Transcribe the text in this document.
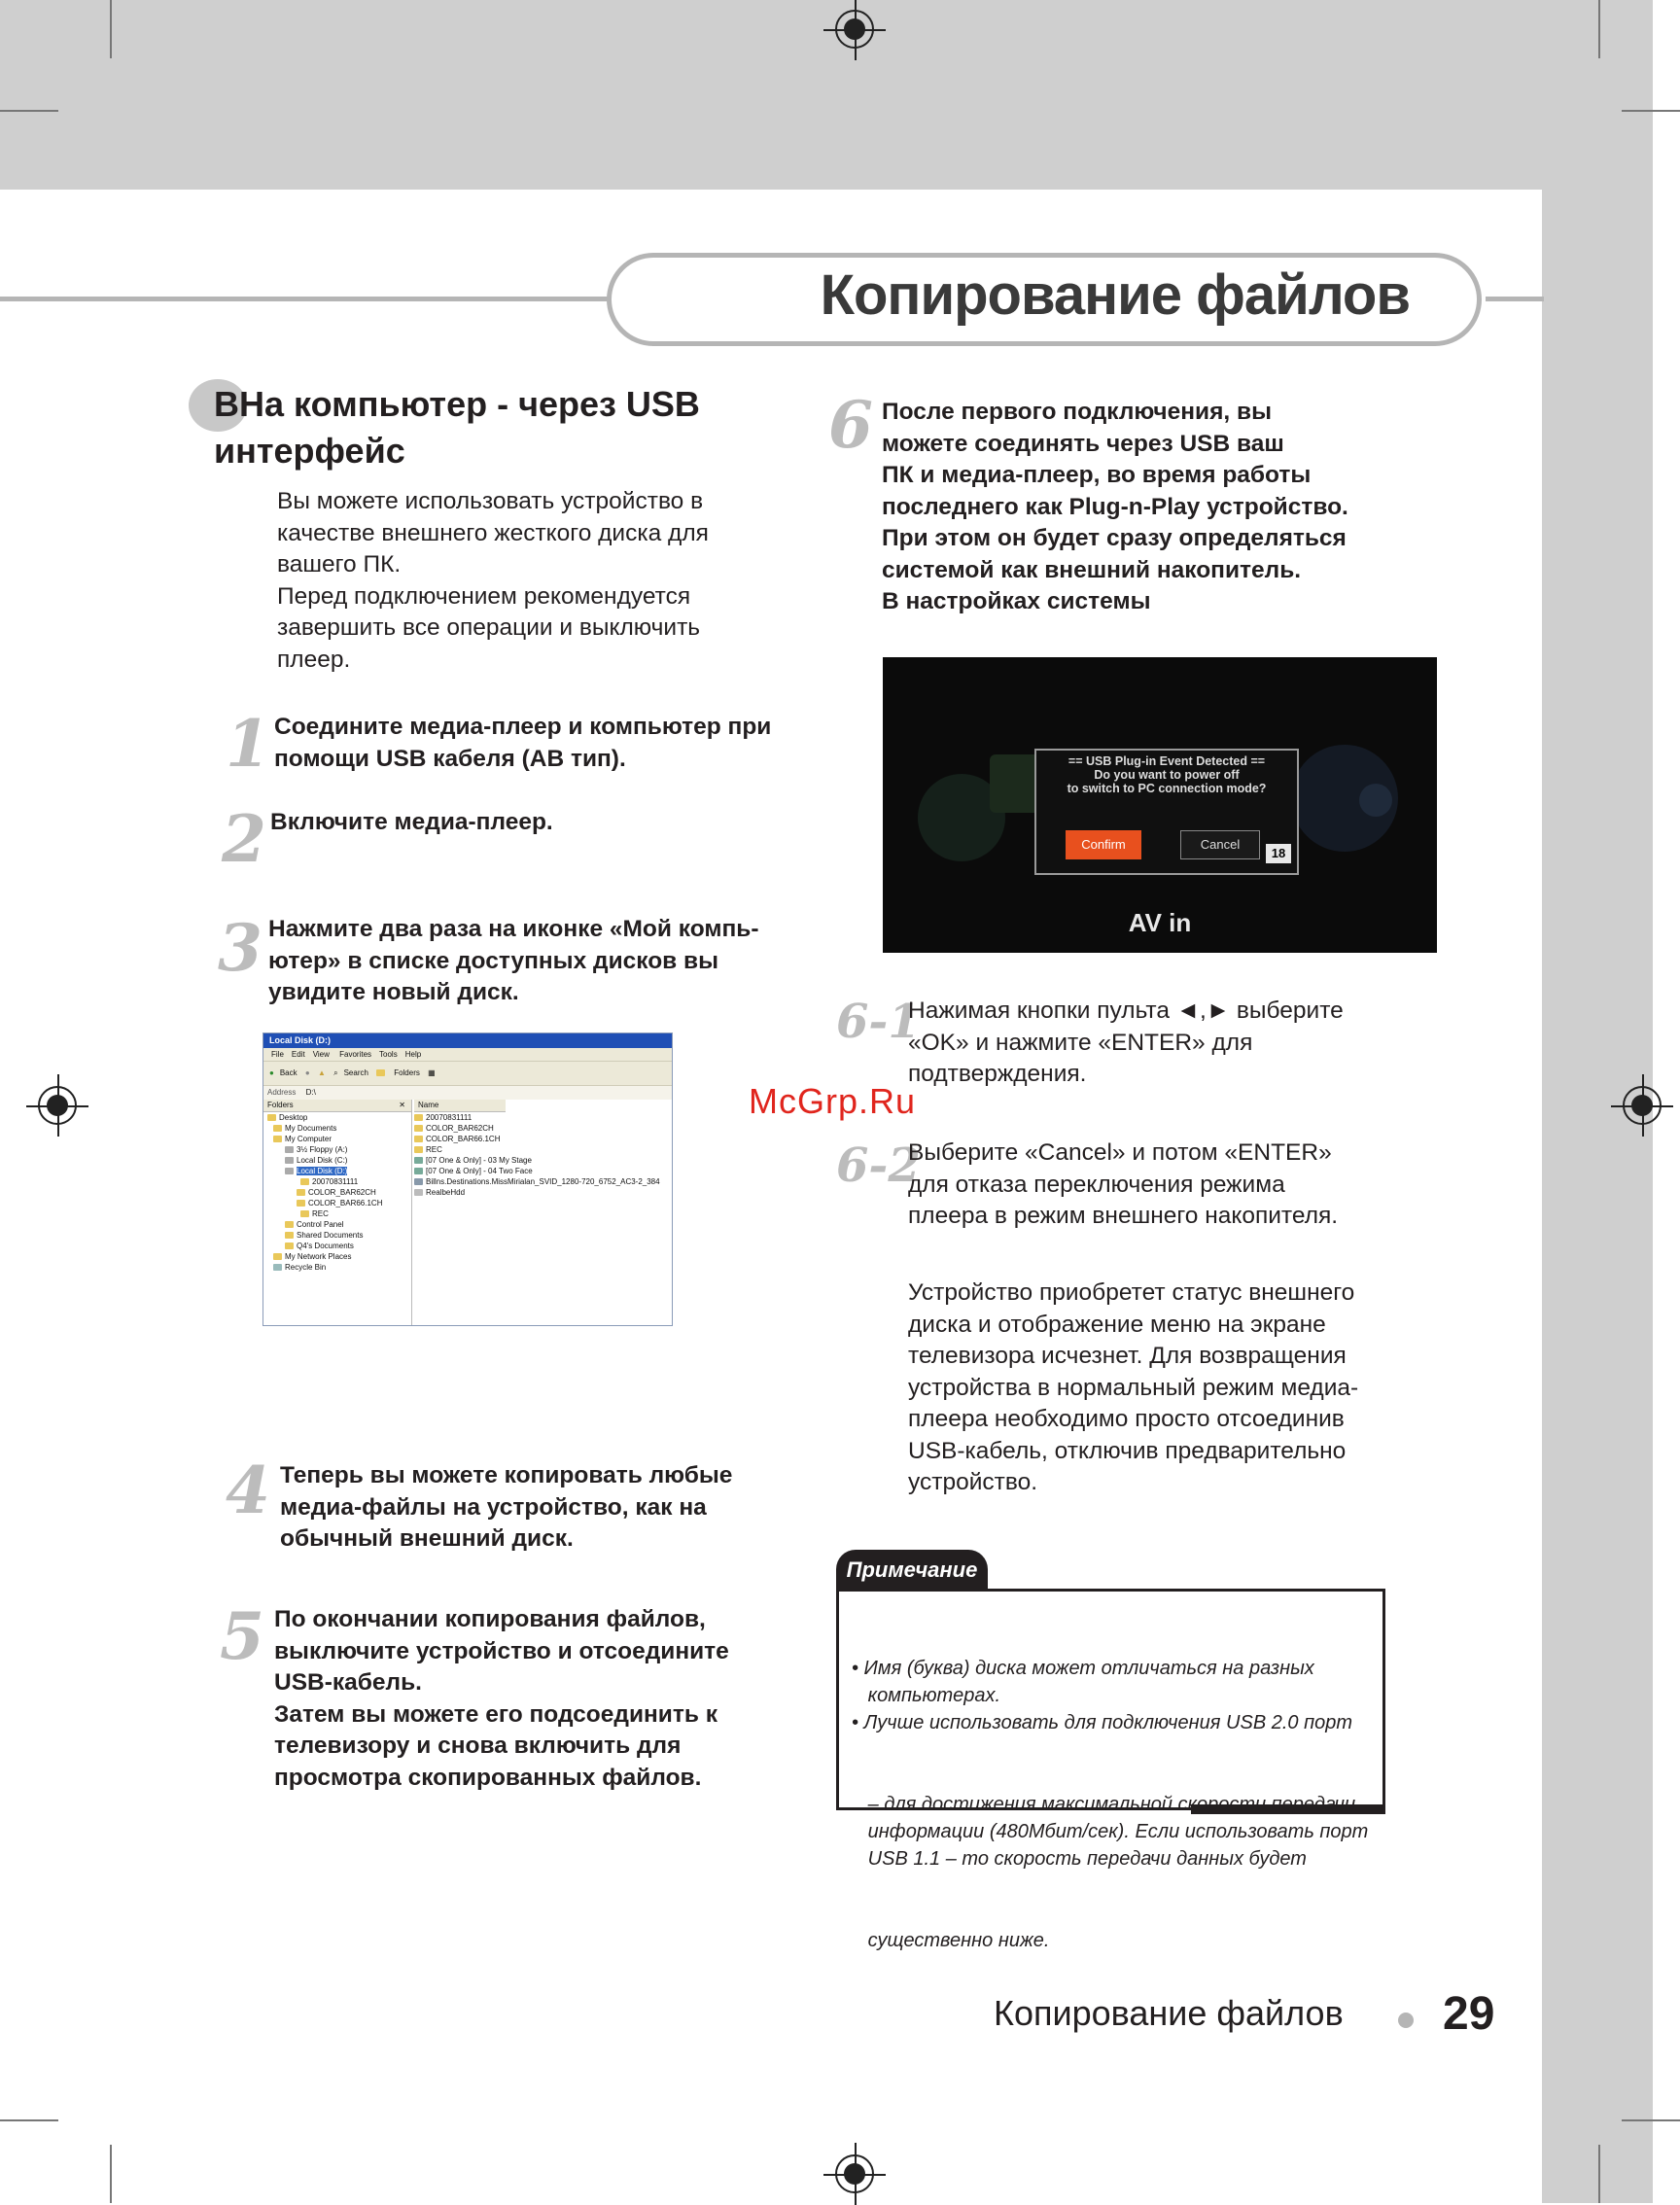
Копирование файлов
ВНа компьютер - через USB
интерфейс
Вы можете использовать устройство в
качестве внешнего жесткого диска для
вашего ПК.
Перед подключением рекомендуется
завершить все операции и выключить
плеер.
1 Соедините медиа-плеер и компьютер при
помощи USB кабеля (АВ тип).
2 Включите медиа-плеер.
3 Нажмите два раза на иконке «Мой компь-
ютер» в списке доступных дисков вы
увидите новый диск.
Local Disk (D:)
File Edit View Favorites Tools Help
● Back ● ▲ ⌕ Search	Folders ▦
Address D:\
Folders	✕
Desktop
My Documents
My Computer
3½ Floppy (A:)
Local Disk (C:)
Local Disk (D:)
20070831111
COLOR_BAR62CH
COLOR_BAR66.1CH
REC
Control Panel
Shared Documents
Q4's Documents
My Network Places
Recycle Bin
Name
20070831111
COLOR_BAR62CH
COLOR_BAR66.1CH
REC
[07 One & Only] - 03 My Stage
[07 One & Only] - 04 Two Face
Billns.Destinations.MissMirialan_SVID_1280-720_6752_AC3-2_384
RealbeHdd
4 Теперь вы можете копировать любые
медиа-файлы на устройство, как на
обычный внешний диск.
5 По окончании копирования файлов,
выключите устройство и отсоедините
USB-кабель.
Затем вы можете его подсоединить к
телевизору и снова включить для
просмотра скопированных файлов.
6 После первого подключения, вы
можете соединять через USB ваш
ПК и медиа-плеер, во время работы
последнего как Plug-n-Play устройство.
При этом он будет сразу определяться
системой как внешний накопитель.
В настройках системы
== USB Plug-in Event Detected ==
Do you want to power off
to switch to PC connection mode?
Confirm	Cancel
18
AV in
6-1
Нажимая кнопки пульта ◄,► выберите
«OK» и нажмите «ENTER» для
подтверждения.
McGrp.Ru
6-2
Выберите «Cancel» и потом «ENTER»
для отказа переключения режима
плеера в режим внешнего накопителя.
Устройство приобретет статус внешнего
диска и отображение меню на экране
телевизора исчезнет. Для возвращения
устройства в нормальный режим медиа-
плеера необходимо просто отсоединив
USB-кабель, отключив предварительно
устройство.
Примечание

• Имя (буква) диска может отличаться на разных
компьютерах.
• Лучше использовать для подключения USB 2.0 порт

– для достижения максимальной скорости передачи
информации (480Мбит/сек). Если использовать порт
USB 1.1 – то скорость передачи данных будет

существенно ниже.

Копирование файлов 29
